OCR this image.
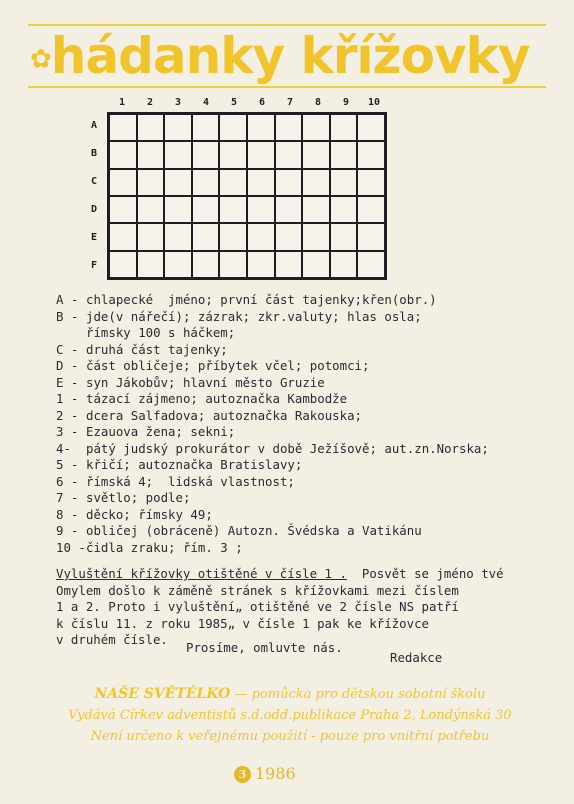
✿hádanky křížovky
1	2	3	4	5	6	7	8	9	10
A
B
C
D
E
F
A - chlapecké  jméno; první část tajenky;křen(obr.)
B - jde(v nářečí); zázrak; zkr.valuty; hlas osla;
římsky 100 s háčkem;
C - druhá část tajenky;
D - část obličeje; příbytek včel; potomci;
E - syn Jákobův; hlavní město Gruzie
1 - tázací zájmeno; autoznačka Kambodže
2 - dcera Salfadova; autoznačka Rakouska;
3 - Ezauova žena; sekni;
4-	pátý judský prokurátor v době Ježíšově; aut.zn.Norska;
5 - křičí; autoznačka Bratislavy;
6 - římská 4;  lidská vlastnost;
7 - světlo; podle;
8 - děcko; římsky 49;
9 - obličej (obráceně) Autozn. Švédska a Vatikánu
10 - čidla zraku; řím. 3 ;
Vyluštění křížovky otištěné v čísle 1 .  Posvět se jméno tvé
Omylem došlo k záměně stránek s křížovkami mezi číslem
1 a 2. Proto i vyluštění„ otištěné ve 2 čísle NS patří
k číslu 11. z roku 1985„ v čísle 1 pak ke křížovce
v druhém čísle.
Prosíme, omluvte nás.
Redakce
NAŠE SVĚTÉLKO — pomůcka pro dětskou sobotní školu
Vydává Církev adventistů s.d.odd.publikace Praha 2, Londýnská 30
Není určeno k veřejnému použití - pouze pro vnitřní potřebu
3 1986
